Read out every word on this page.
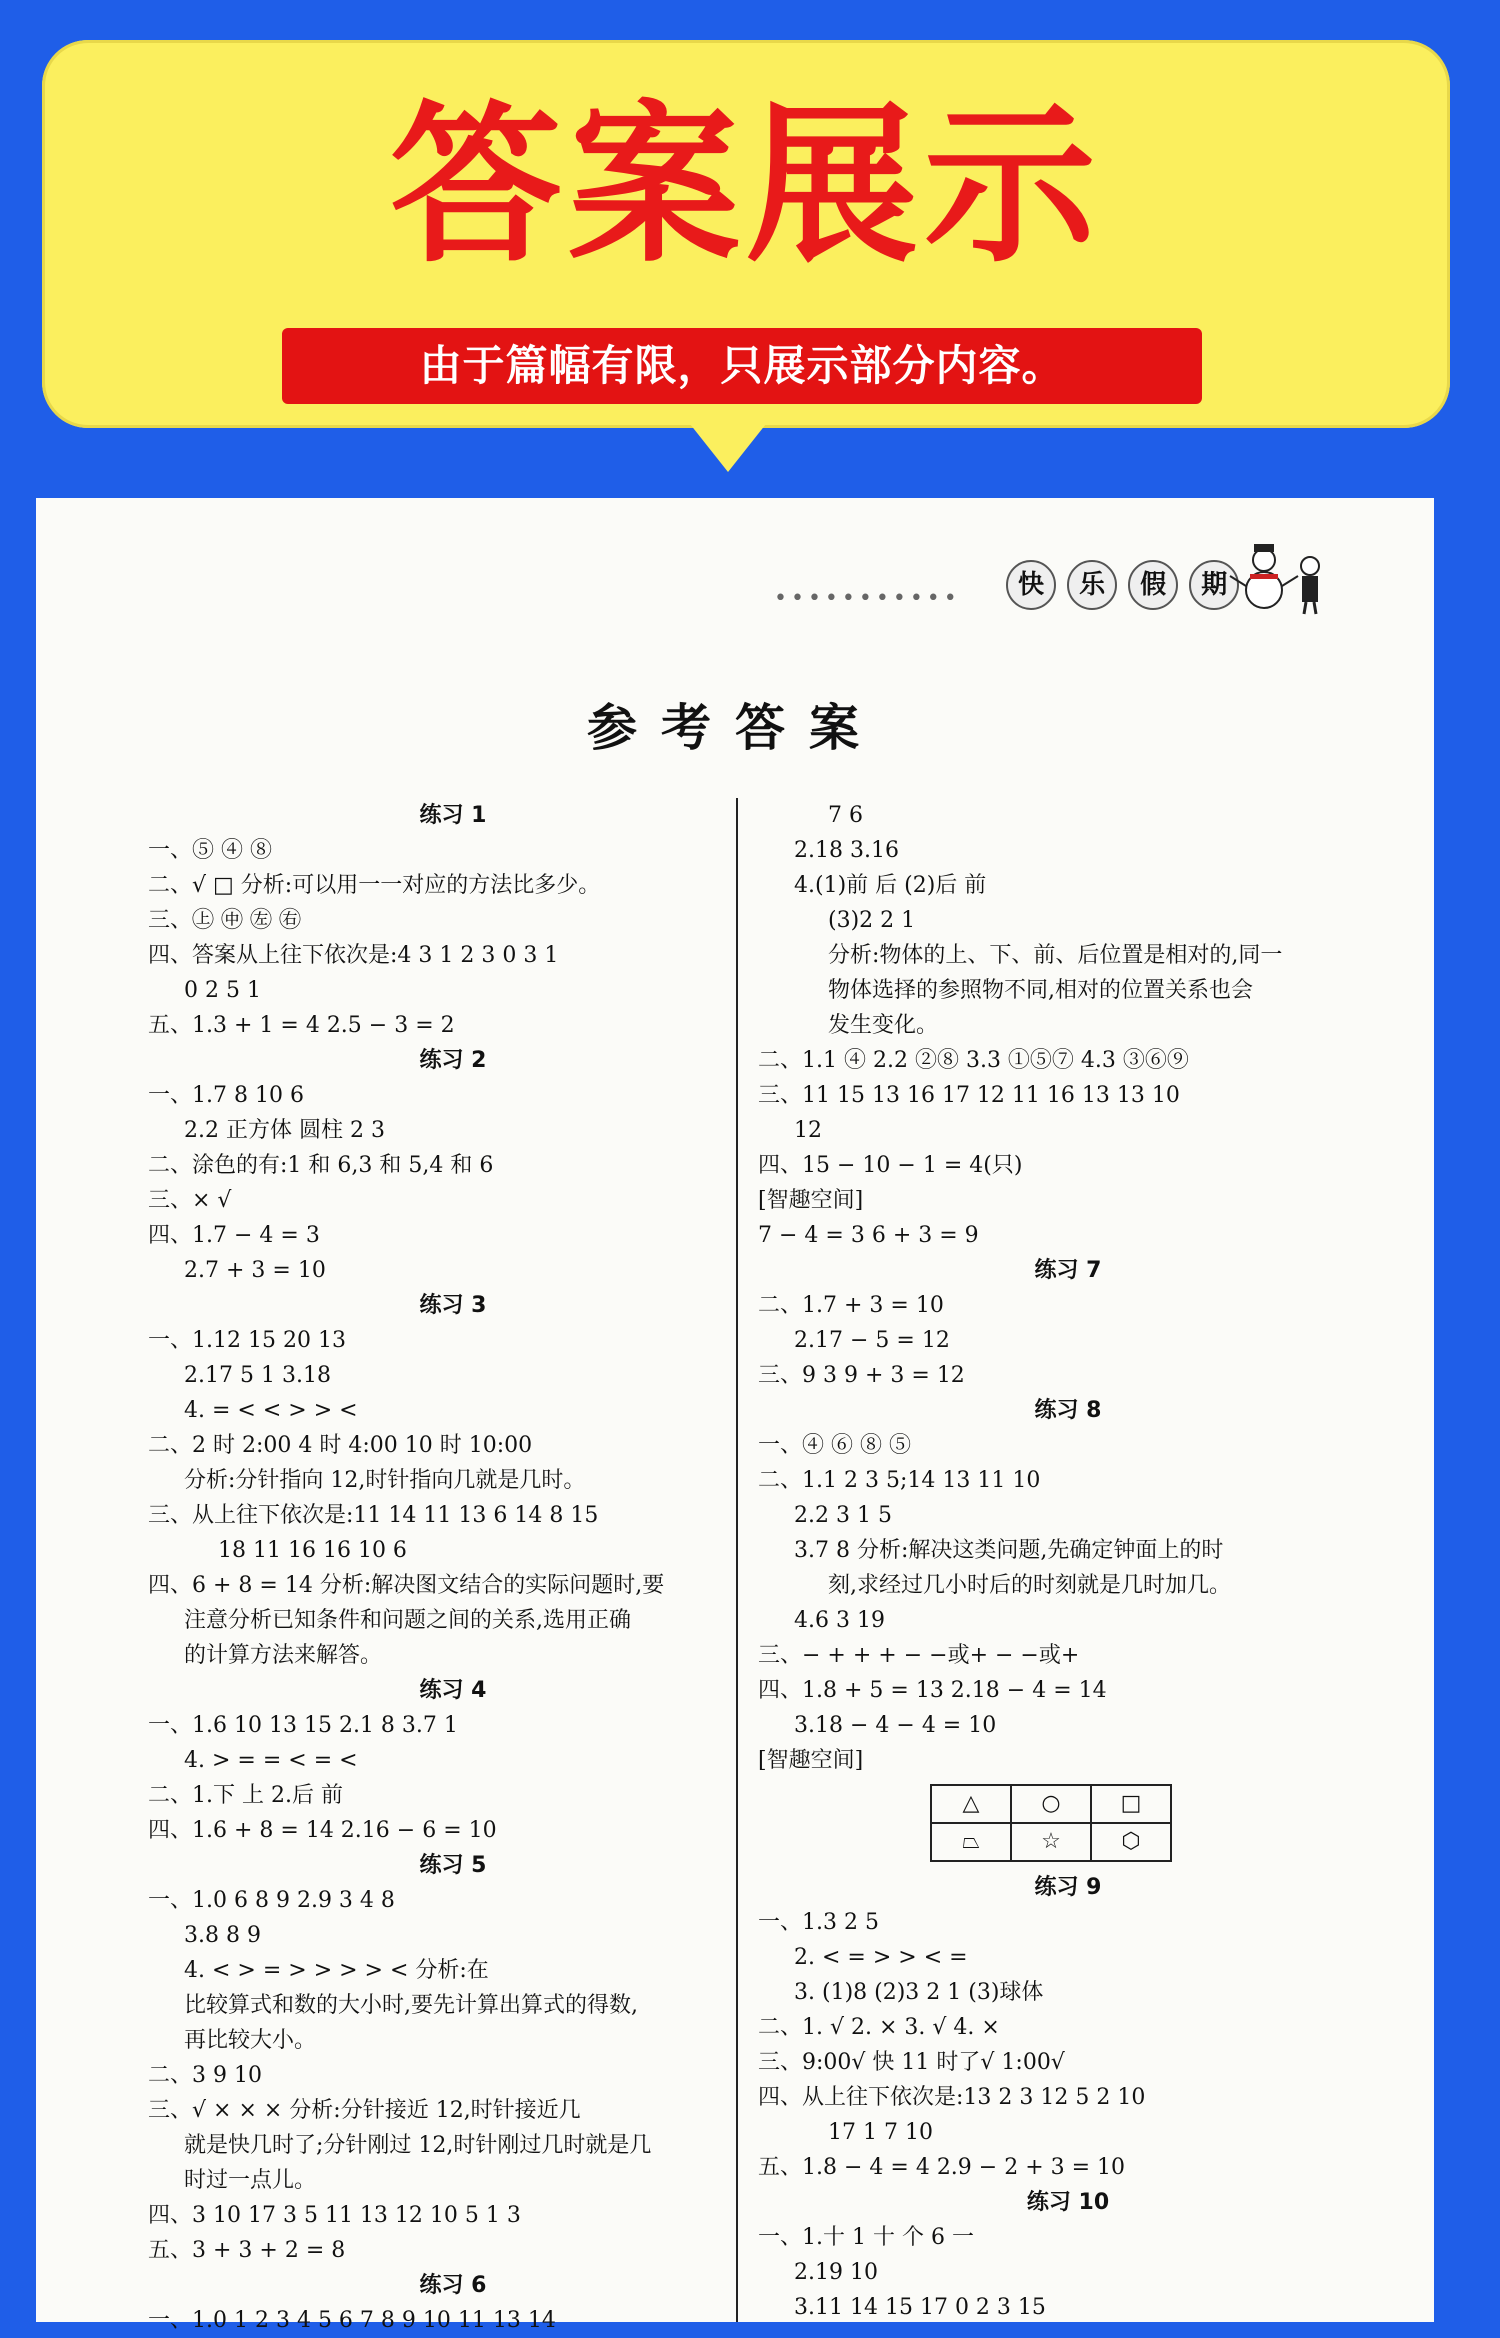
答案展示
由于篇幅有限，只展示部分内容。
•••••••••••	快 乐 假 期
参考答案
练习 1
一、⑤ ④ ⑧
二、√ □ 分析:可以用一一对应的方法比多少。
三、㊤ ㊥ ㊧ ㊨
四、答案从上往下依次是:4 3 1 2 3 0 3 1
0 2 5 1
五、1.3 + 1 = 4 2.5 − 3 = 2
练习 2
一、1.7 8 10 6
2.2 正方体 圆柱 2 3
二、涂色的有:1 和 6,3 和 5,4 和 6
三、× √
四、1.7 − 4 = 3
2.7 + 3 = 10
练习 3
一、1.12 15 20 13
2.17 5 1 3.18
4. = < < > > <
二、2 时 2:00 4 时 4:00 10 时 10:00
分析:分针指向 12,时针指向几就是几时。
三、从上往下依次是:11 14 11 13 6 14 8 15
18 11 16 16 10 6
四、6 + 8 = 14 分析:解决图文结合的实际问题时,要
注意分析已知条件和问题之间的关系,选用正确
的计算方法来解答。
练习 4
一、1.6 10 13 15 2.1 8 3.7 1
4. > = = < = <
二、1.下 上 2.后 前
四、1.6 + 8 = 14 2.16 − 6 = 10
练习 5
一、1.0 6 8 9 2.9 3 4 8
3.8 8 9
4. < > = > > > > < 分析:在
比较算式和数的大小时,要先计算出算式的得数,
再比较大小。
二、3 9 10
三、√ × × × 分析:分针接近 12,时针接近几
就是快几时了;分针刚过 12,时针刚过几时就是几
时过一点儿。
四、3 10 17 3 5 11 13 12 10 5 1 3
五、3 + 3 + 2 = 8
练习 6
一、1.0 1 2 3 4 5 6 7 8 9 10 11 13 14
7 6
2.18 3.16
4.(1)前 后 (2)后 前
(3)2 2 1
分析:物体的上、下、前、后位置是相对的,同一
物体选择的参照物不同,相对的位置关系也会
发生变化。
二、1.1 ④ 2.2 ②⑧ 3.3 ①⑤⑦ 4.3 ③⑥⑨
三、11 15 13 16 17 12 11 16 13 13 10
12
四、15 − 10 − 1 = 4(只)
[智趣空间]
7 − 4 = 3 6 + 3 = 9
练习 7
二、1.7 + 3 = 10
2.17 − 5 = 12
三、9 3 9 + 3 = 12
练习 8
一、④ ⑥ ⑧ ⑤
二、1.1 2 3 5;14 13 11 10
2.2 3 1 5
3.7 8 分析:解决这类问题,先确定钟面上的时
刻,求经过几小时后的时刻就是几时加几。
4.6 3 19
三、− + + + − −或+ − −或+
四、1.8 + 5 = 13 2.18 − 4 = 14
3.18 − 4 − 4 = 10
[智趣空间]
△	○	□
⏢	☆	⬡
练习 9
一、1.3 2 5
2. < = > > < =
3. (1)8 (2)3 2 1 (3)球体
二、1. √ 2. × 3. √ 4. ×
三、9:00√ 快 11 时了√ 1:00√
四、从上往下依次是:13 2 3 12 5 2 10
17 1 7 10
五、1.8 − 4 = 4 2.9 − 2 + 3 = 10
练习 10
一、1.十 1 十 个 6 一
2.19 10
3.11 14 15 17 0 2 3 15
